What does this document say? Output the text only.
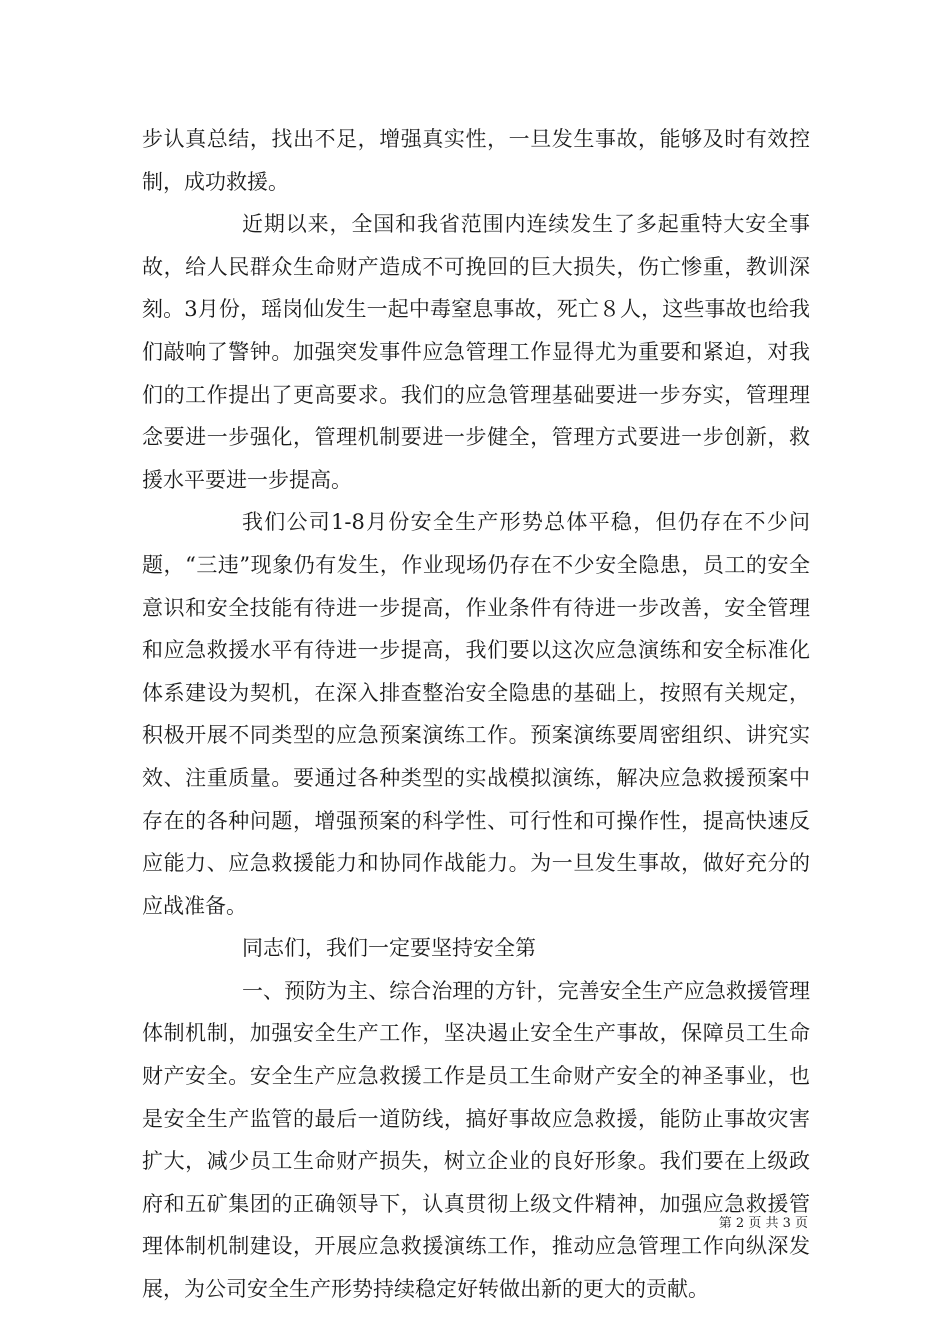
步认真总结，找出不足，增强真实性，一旦发生事故，能够及时有效控制，成功救援。

近期以来，全国和我省范围内连续发生了多起重特大安全事故，给人民群众生命财产造成不可挽回的巨大损失，伤亡惨重，教训深刻。3月份，瑶岗仙发生一起中毒窒息事故，死亡８人，这些事故也给我们敲响了警钟。加强突发事件应急管理工作显得尤为重要和紧迫，对我们的工作提出了更高要求。我们的应急管理基础要进一步夯实，管理理念要进一步强化，管理机制要进一步健全，管理方式要进一步创新，救援水平要进一步提高。

我们公司1-8月份安全生产形势总体平稳，但仍存在不少问题，“三违”现象仍有发生，作业现场仍存在不少安全隐患，员工的安全意识和安全技能有待进一步提高，作业条件有待进一步改善，安全管理和应急救援水平有待进一步提高，我们要以这次应急演练和安全标准化体系建设为契机，在深入排查整治安全隐患的基础上，按照有关规定，积极开展不同类型的应急预案演练工作。预案演练要周密组织、讲究实效、注重质量。要通过各种类型的实战模拟演练，解决应急救援预案中存在的各种问题，增强预案的科学性、可行性和可操作性，提高快速反应能力、应急救援能力和协同作战能力。为一旦发生事故，做好充分的应战准备。

同志们，我们一定要坚持安全第

一、预防为主、综合治理的方针，完善安全生产应急救援管理体制机制，加强安全生产工作，坚决遏止安全生产事故，保障员工生命财产安全。安全生产应急救援工作是员工生命财产安全的神圣事业，也是安全生产监管的最后一道防线，搞好事故应急救援，能防止事故灾害扩大，减少员工生命财产损失，树立企业的良好形象。我们要在上级政府和五矿集团的正确领导下，认真贯彻上级文件精神，加强应急救援管理体制机制建设，开展应急救援演练工作，推动应急管理工作向纵深发展，为公司安全生产形势持续稳定好转做出新的更大的贡献。

第 2 页 共 3 页
